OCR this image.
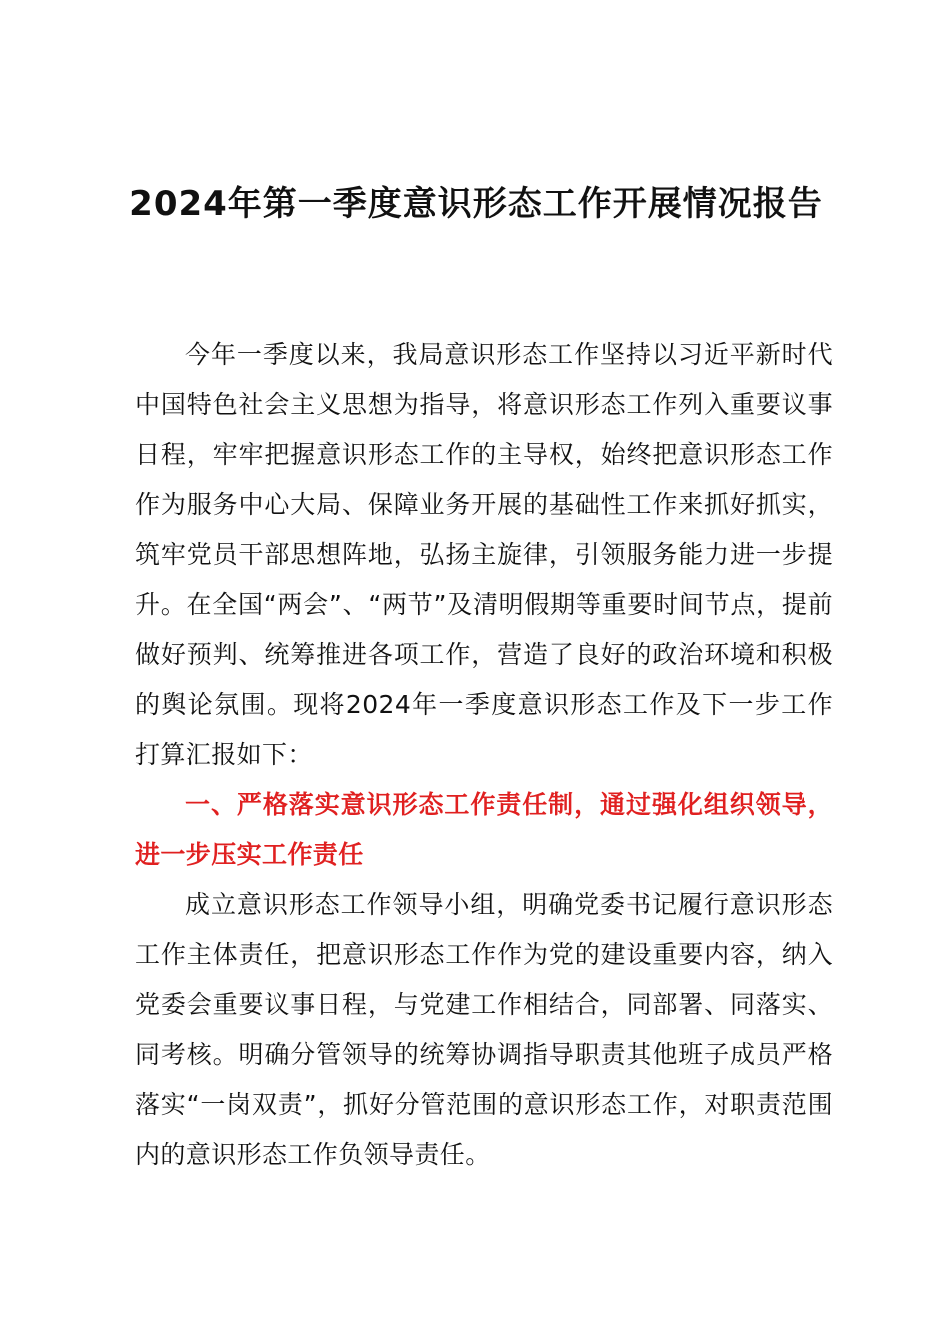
2024年第一季度意识形态工作开展情况报告

今年一季度以来，我局意识形态工作坚持以习近平新时代中国特色社会主义思想为指导，将意识形态工作列入重要议事日程，牢牢把握意识形态工作的主导权，始终把意识形态工作作为服务中心大局、保障业务开展的基础性工作来抓好抓实，筑牢党员干部思想阵地，弘扬主旋律，引领服务能力进一步提升。在全国“两会”、“两节”及清明假期等重要时间节点，提前做好预判、统筹推进各项工作，营造了良好的政治环境和积极的舆论氛围。现将2024年一季度意识形态工作及下一步工作打算汇报如下：

一、严格落实意识形态工作责任制，通过强化组织领导，进一步压实工作责任

成立意识形态工作领导小组，明确党委书记履行意识形态工作主体责任，把意识形态工作作为党的建设重要内容，纳入党委会重要议事日程，与党建工作相结合，同部署、同落实、同考核。明确分管领导的统筹协调指导职责其他班子成员严格落实“一岗双责”，抓好分管范围的意识形态工作，对职责范围内的意识形态工作负领导责任。
